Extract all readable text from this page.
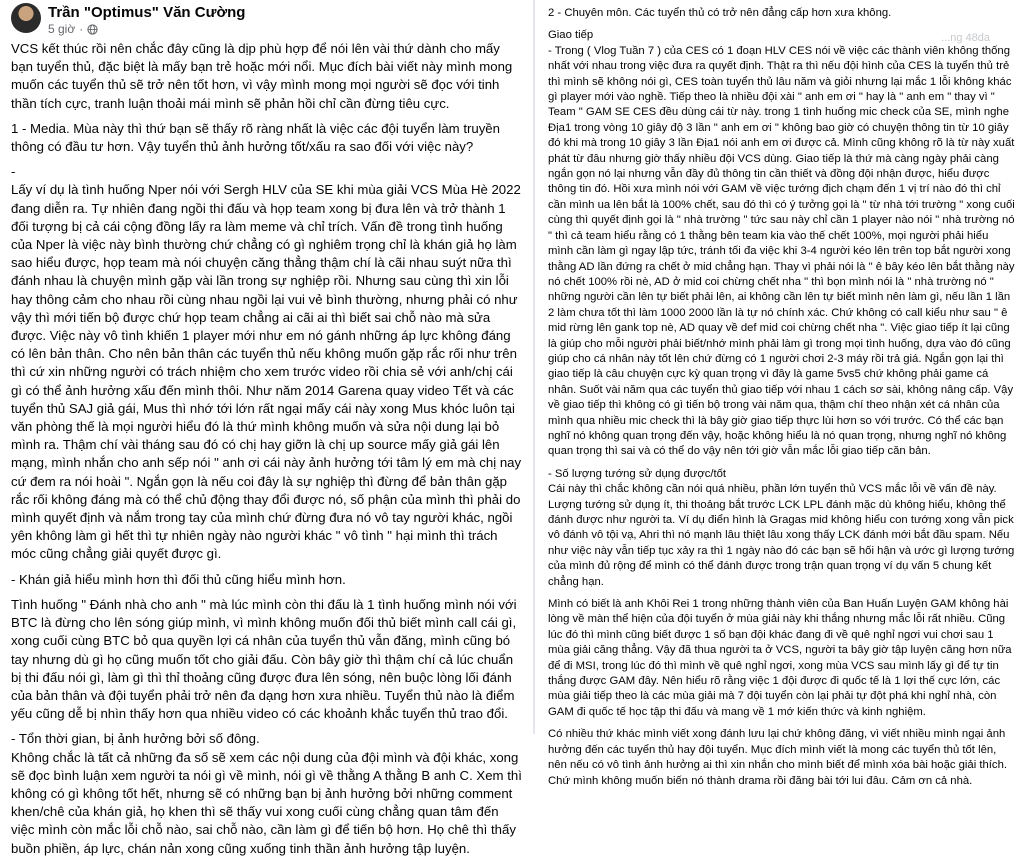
Trần "Optimus" Văn Cường
5 giờ ·

VCS kết thúc rồi nên chắc đây cũng là dịp phù hợp để nói lên vài thứ dành cho mấy bạn tuyển thủ, đặc biệt là mấy bạn trẻ hoặc mới nổi. Mục đích bài viết này mình mong muốn các tuyển thủ sẽ trở nên tốt hơn, vì vậy mình mong mọi người sẽ đọc với tinh thần tích cực, tranh luận thoải mái mình sẽ phản hồi chỉ cần đừng tiêu cực.

1 - Media. Mùa này thì thứ bạn sẽ thấy rõ ràng nhất là việc các đội tuyển làm truyền thông có đầu tư hơn. Vậy tuyển thủ ảnh hưởng tốt/xấu ra sao đối với việc này?

-
Lấy ví dụ là tình huống Nper nói với Sergh HLV của SE khi mùa giải VCS Mùa Hè 2022 đang diễn ra. Tự nhiên đang ngồi thi đấu và họp team xong bị đưa lên và trở thành 1 đối tượng bị cả cái cộng đồng lấy ra làm meme và chỉ trích. Vấn đề trong tình huống của Nper là việc này bình thường chứ chẳng có gì nghiêm trọng chỉ là khán giả họ làm sao hiểu được, họp team mà nói chuyện căng thẳng thậm chí là cãi nhau suýt nữa thì đánh nhau là chuyện mình gặp vài lần trong sự nghiệp rồi. Nhưng sau cùng thì xin lỗi hay thông cảm cho nhau rồi cùng nhau ngồi lại vui vẻ bình thường, nhưng phải có như vậy thì mới tiến bộ được chứ họp team chẳng ai cãi ai thì biết sai chỗ nào mà sửa được. Việc này vô tình khiến 1 player mới như em nó gánh những áp lực không đáng có lên bản thân. Cho nên bản thân các tuyển thủ nếu không muốn gặp rắc rối như trên thì cứ xin những người có trách nhiệm cho xem trước video rồi chia sẻ với anh/chị cái gì có thể ảnh hưởng xấu đến mình thôi. Như năm 2014 Garena quay video Tết và các tuyển thủ SAJ giả gái, Mus thì nhớ tới lớn rất ngại mấy cái này xong Mus khóc luôn tại văn phòng thế là mọi người hiểu đó là thứ mình không muốn và sửa nội dung lại bỏ mình ra. Thậm chí vài tháng sau đó có chị hay giỡn là chị up source mấy giả gái lên mạng, mình nhắn cho anh sếp nói " anh ơi cái này ảnh hưởng tới tâm lý em mà chị nay cứ đem ra nói hoài ". Ngắn gọn là nếu coi đây là sự nghiệp thì đừng để bản thân gặp rắc rối không đáng mà có thể chủ động thay đổi được nó, số phận của mình thì phải do mình quyết định và nắm trong tay của mình chứ đừng đưa nó vô tay người khác, ngồi yên không làm gì hết thì tự nhiên ngày nào người khác " vô tình " hại mình thì trách móc cũng chẳng giải quyết được gì.

- Khán giả hiểu mình hơn thì đối thủ cũng hiểu mình hơn.

Tình huống " Đánh nhà cho anh " mà lúc mình còn thi đấu là 1 tình huống mình nói với BTC là đừng cho lên sóng giúp mình, vì mình không muốn đối thủ biết mình call cái gì, xong cuối cùng BTC bỏ qua quyền lợi cá nhân của tuyển thủ vẫn đăng, mình cũng bó tay nhưng dù gì họ cũng muốn tốt cho giải đấu. Còn bây giờ thì thậm chí cả lúc chuẩn bị thi đấu nói gì, làm gì thì thỉ thoảng cũng được đưa lên sóng, nên buộc lòng lối đánh của bản thân và đội tuyển phải trở nên đa dạng hơn xưa nhiều. Tuyển thủ nào là điểm yếu cũng dễ bị nhìn thấy hơn qua nhiều video có các khoảnh khắc tuyển thủ trao đổi.

- Tổn thời gian, bị ảnh hưởng bởi số đông.
Không chắc là tất cả những đa số sẽ xem các nội dung của đội mình và đội khác, xong sẽ đọc bình luận xem người ta nói gì về mình, nói gì về thằng A thằng B anh C. Xem thì không có gì không tốt hết, nhưng sẽ có những bạn bị ảnh hưởng bởi những comment khen/chê của khán giả, họ khen thì sẽ thấy vui xong cuối cùng chẳng quan tâm đến việc mình còn mắc lỗi chỗ nào, sai chỗ nào, cần làm gì để tiến bộ hơn. Họ chê thì thấy buồn phiền, áp lực, chán nản xong cũng xuống tinh thần ảnh hưởng tập luyện.

...ng 48da

2 - Chuyên môn. Các tuyển thủ có trở nên đẳng cấp hơn xưa không.

Giao tiếp
- Trong ( Vlog Tuần 7 ) của CES có 1 đoạn HLV CES nói về việc các thành viên không thống nhất với nhau trong việc đưa ra quyết định. Thật ra thì nếu đội hình của CES là tuyển thủ trẻ thì mình sẽ không nói gì, CES toàn tuyển thủ lâu năm và giỏi nhưng lại mắc 1 lỗi không khác gì player mới vào nghề. Tiếp theo là nhiều đội xài " anh em ơi " hay là " anh em " thay vì " Team " GAM SE CES đều dùng cái từ này. trong 1 tình huống mic check của SE, mình nghe Địa1 trong vòng 10 giây độ 3 lần " anh em ơi " không bao giờ có chuyện thông tin từ 10 giây đó khi mà trong 10 giây 3 lần Địa1 nói anh em ơi được cả. Mình cũng không rõ là từ này xuất phát từ đâu nhưng giờ thấy nhiều đội VCS dùng. Giao tiếp là thứ mà càng ngày phải càng ngắn gọn nó lại nhưng vẫn đầy đủ thông tin cần thiết và đồng đội nhận được, hiểu được thông tin đó. Hồi xưa mình nói với GAM về việc tướng địch chạm đến 1 vị trí nào đó thì chỉ cần mình ua lên bắt là 100% chết, sau đó thì có ý tưởng gọi là " từ nhà tới trường " xong cuối cùng thì quyết định gọi là " nhà trường " tức sau này chỉ cần 1 player nào nói " nhà trường nó " thì cả team hiểu rằng có 1 thằng bên team kia vào thế chết 100%, mọi người phải hiểu mình cần làm gì ngay lập tức, tránh tối đa việc khi 3-4 người kéo lên trên top bắt người xong thằng AD lần đứng ra chết ở mid chẳng hạn. Thay vì phải nói là " ê bây kéo lên bắt thằng này nó chết 100% rồi nè, AD ở mid coi chừng chết nha " thì bọn mình nói là " nhà trường nó " những người cần lên tự biết phải lên, ai không cần lên tự biết mình nên làm gì, nếu lần 1 lần 2 làm chưa tốt thì làm 1000 2000 lần là tự nó chính xác. Chứ không có call kiểu như sau " ê mid rừng lên gank top nè, AD quay về def mid coi chừng chết nha ". Việc giao tiếp ít lại cũng là giúp cho mỗi người phải biết/nhớ mình phải làm gì trong mọi tình huống, dựa vào đó cũng giúp cho cá nhân này tốt lên chứ đừng có 1 người chơi 2-3 máy rồi trả giá. Ngắn gọn lại thì giao tiếp là câu chuyện cực kỳ quan trọng vì đây là game 5vs5 chứ không phải game cá nhân. Suốt vài năm qua các tuyển thủ giao tiếp với nhau 1 cách sơ sài, không nâng cấp. Vậy về giao tiếp thì không có gì tiến bộ trong vài năm qua, thậm chí theo nhận xét cá nhân của mình qua nhiều mic check thì là bây giờ giao tiếp thực lùi hơn so với trước. Có thể các bạn nghĩ nó không quan trọng đến vậy, hoặc không hiểu là nó quan trọng, nhưng nghĩ nó không quan trọng thì sai và có thể do vậy nên tới giờ vẫn mắc lỗi giao tiếp căn bản.

- Số lượng tướng sử dụng được/tốt
Cái này thì chắc không cần nói quá nhiều, phần lớn tuyển thủ VCS mắc lỗi về vấn đề này. Lượng tướng sử dụng ít, thi thoảng bắt trước LCK LPL đánh mặc dù không hiểu, không thể đánh được như người ta. Ví dụ điển hình là Gragas mid không hiểu con tướng xong vẫn pick vô đánh vô tội vạ, Ahri thì nó mạnh lâu thiệt lâu xong thấy LCK đánh mới bắt đầu spam. Nếu như việc này vẫn tiếp tục xảy ra thì 1 ngày nào đó các bạn sẽ hối hận và ước gì lượng tướng của mình đủ rộng để mình có thể đánh được trong trận quan trọng ví dụ vấn 5 chung kết chẳng hạn.

Mình có biết là anh Khôi Rei 1 trong những thành viên của Ban Huấn Luyện GAM không hài lòng về màn thể hiện của đội tuyển ở mùa giải này khi thắng nhưng mắc lỗi rất nhiều. Cũng lúc đó thì mình cũng biết được 1 số bạn đội khác đang đi về quê nghỉ ngơi vui chơi sau 1 mùa giải căng thẳng. Vậy đã thua người ta ở VCS, người ta bây giờ tập luyện căng hơn nữa để đi MSI, trong lúc đó thì mình về quê nghỉ ngơi, xong mùa VCS sau mình lấy gì để tự tin thắng được GAM đây. Nên hiểu rõ rằng việc 1 đội được đi quốc tế là 1 lợi thế cực lớn, các mùa giải tiếp theo là các mùa giải mà 7 đội tuyển còn lại phải tự đột phá khi nghỉ nhà, còn GAM đi quốc tế học tập thi đấu và mang về 1 mớ kiến thức và kinh nghiệm.

Có nhiều thứ khác mình viết xong đánh lưu lại chứ không đăng, vì viết nhiều mình ngại ảnh hưởng đến các tuyển thủ hay đội tuyển. Mục đích mình viết là mong các tuyển thủ tốt lên, nên nếu có vô tình ảnh hưởng ai thì xin nhắn cho mình biết để mình xóa bài hoặc giải thích. Chứ mình không muốn biến nó thành drama rồi đăng bài tới lui đâu. Cảm ơn cả nhà.
